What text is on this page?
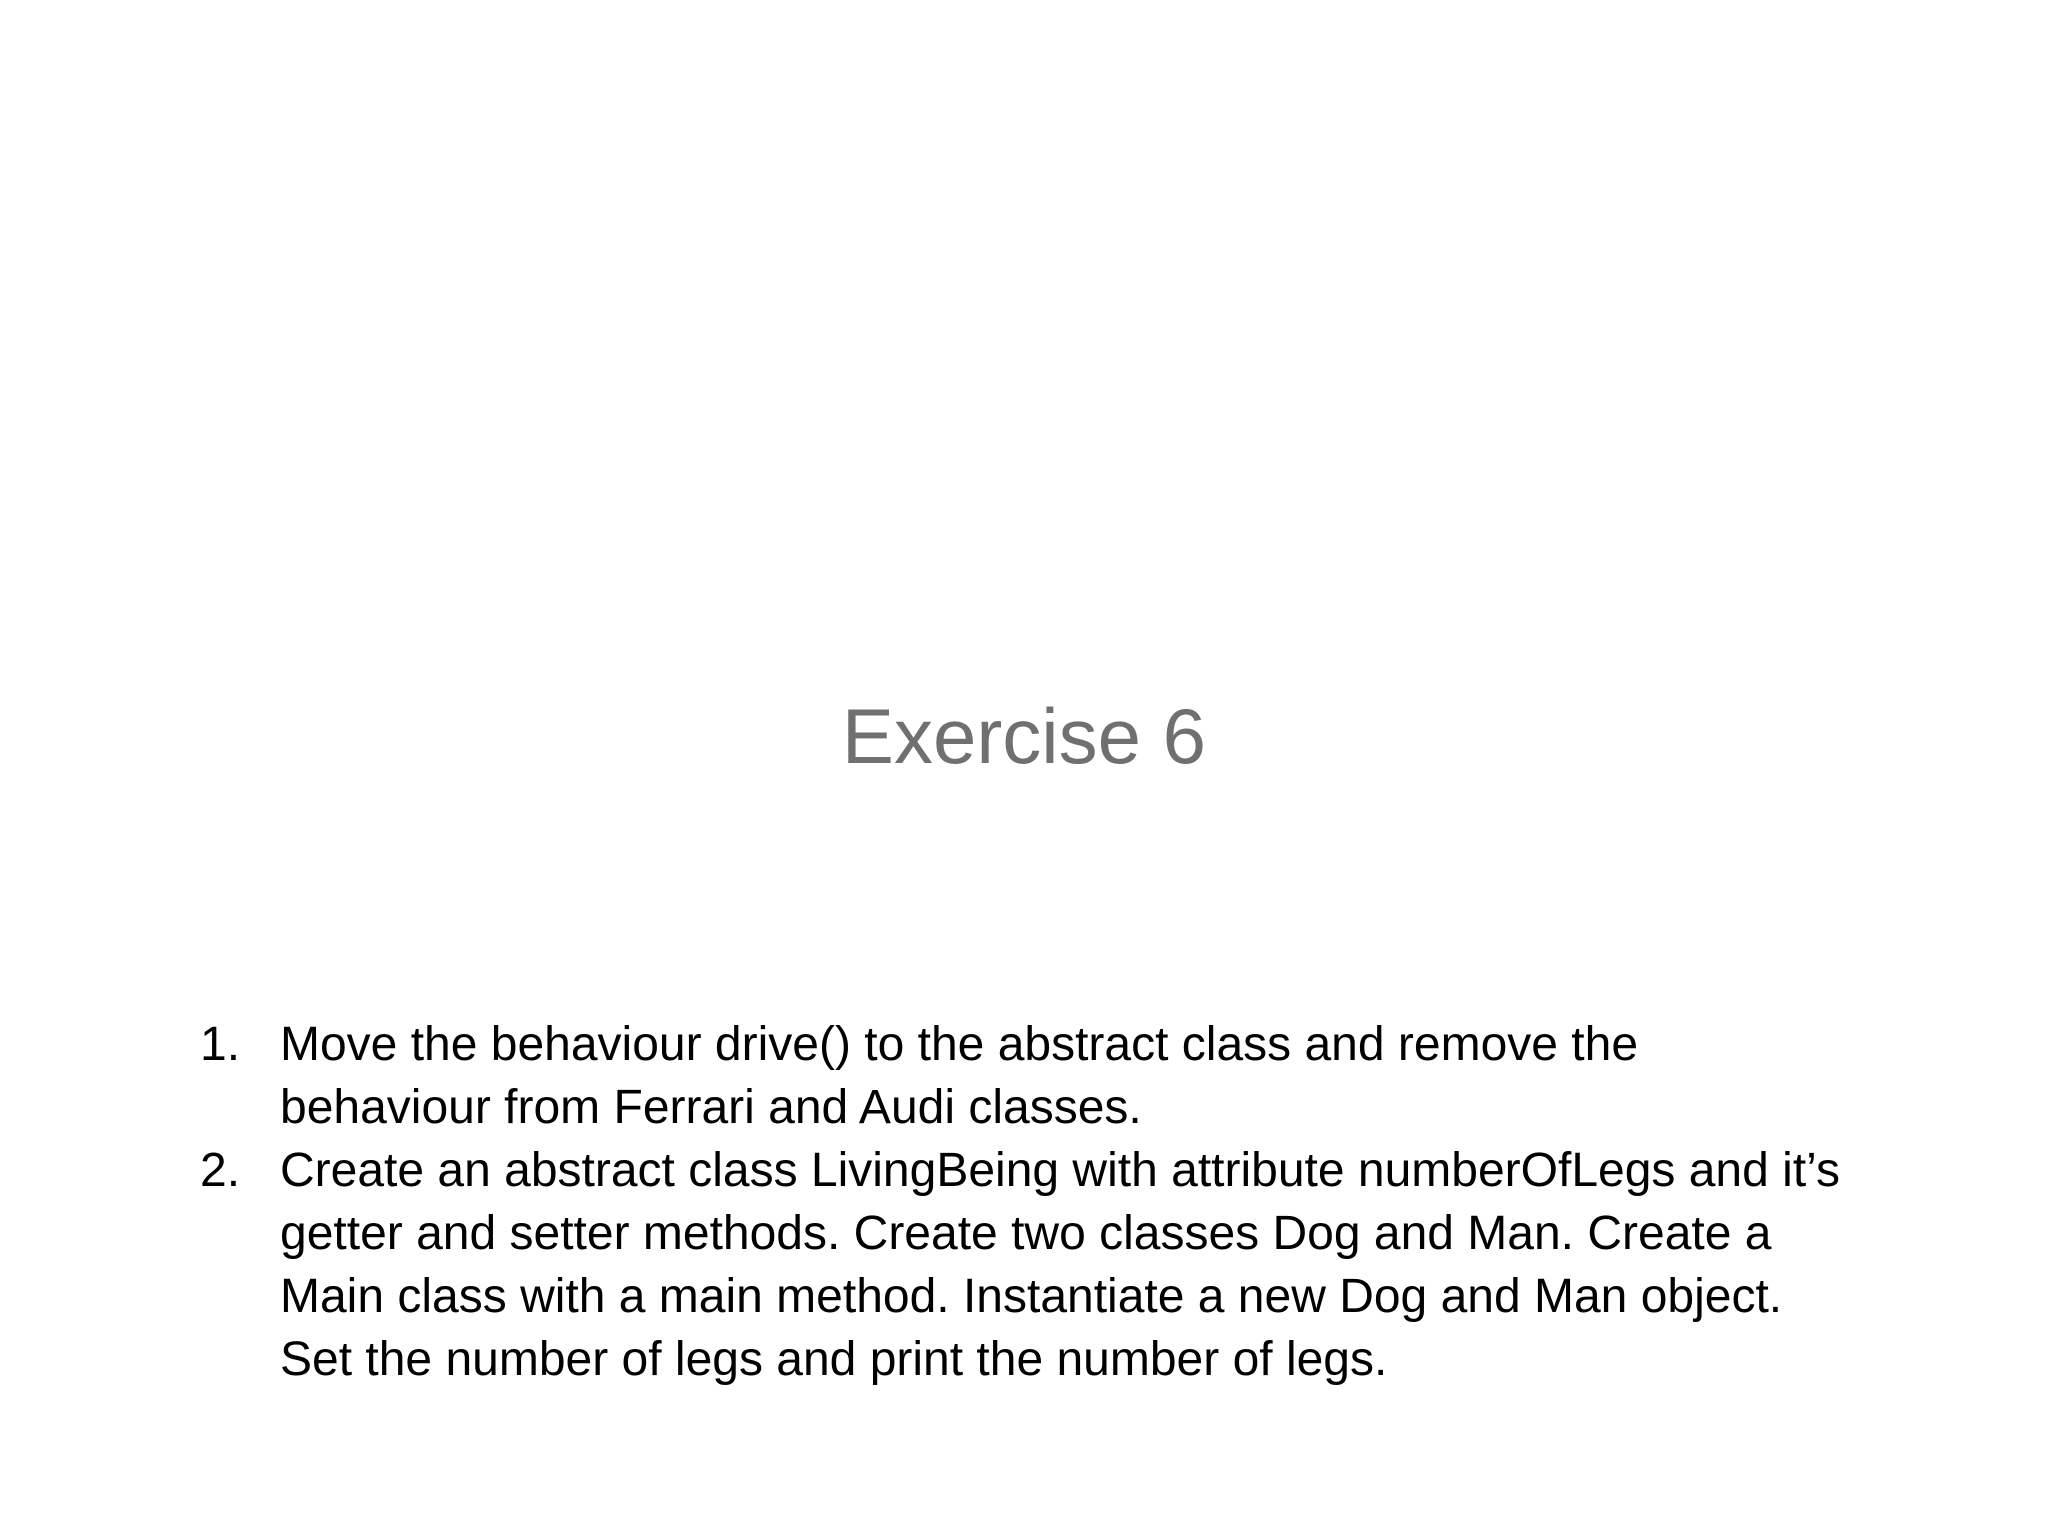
Exercise 6
1. Move the behaviour drive() to the abstract class and remove the behaviour from Ferrari and Audi classes.
2. Create an abstract class LivingBeing with attribute numberOfLegs and it’s getter and setter methods. Create two classes Dog and Man. Create a Main class with a main method. Instantiate a new Dog and Man object. Set the number of legs and print the number of legs.
